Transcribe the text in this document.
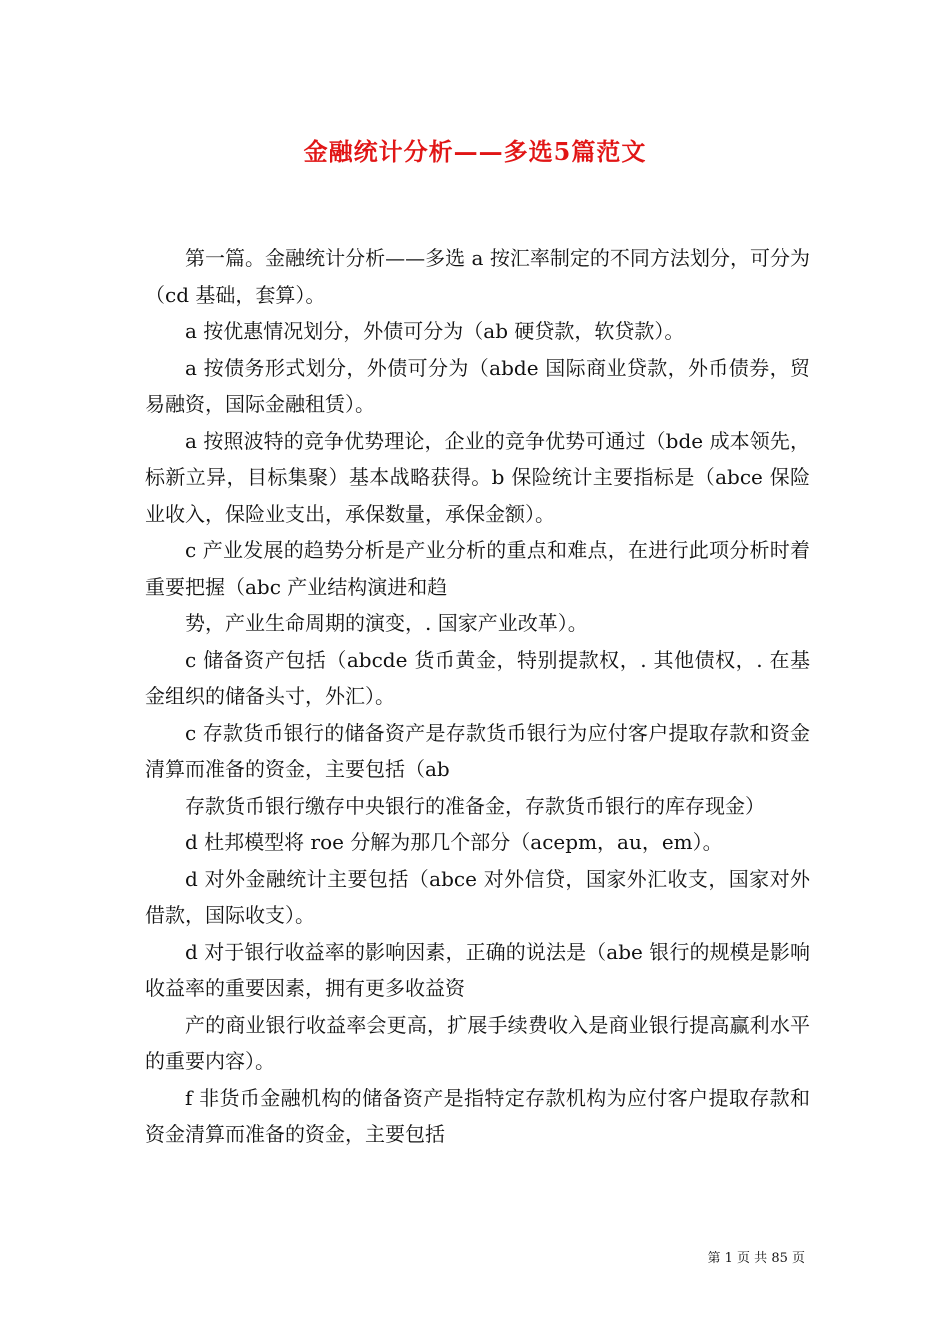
金融统计分析——多选5篇范文

第一篇。金融统计分析——多选 a 按汇率制定的不同方法划分，可分为（cd 基础，套算）。

a 按优惠情况划分，外债可分为（ab 硬贷款，软贷款）。

a 按债务形式划分，外债可分为（abde 国际商业贷款，外币债券，贸易融资，国际金融租赁）。

a 按照波特的竞争优势理论，企业的竞争优势可通过（bde 成本领先，标新立异，目标集聚）基本战略获得。b 保险统计主要指标是（abce 保险业收入，保险业支出，承保数量，承保金额）。

c 产业发展的趋势分析是产业分析的重点和难点，在进行此项分析时着重要把握（abc 产业结构演进和趋

势，产业生命周期的演变，. 国家产业改革）。

c 储备资产包括（abcde 货币黄金，特别提款权，. 其他债权，. 在基金组织的储备头寸，外汇）。

c 存款货币银行的储备资产是存款货币银行为应付客户提取存款和资金清算而准备的资金，主要包括（ab

存款货币银行缴存中央银行的准备金，存款货币银行的库存现金）

d 杜邦模型将 roe 分解为那几个部分（acepm，au，em）。

d 对外金融统计主要包括（abce 对外信贷，国家外汇收支，国家对外借款，国际收支）。

d 对于银行收益率的影响因素，正确的说法是（abe 银行的规模是影响收益率的重要因素，拥有更多收益资

产的商业银行收益率会更高，扩展手续费收入是商业银行提高赢利水平的重要内容）。

f 非货币金融机构的储备资产是指特定存款机构为应付客户提取存款和资金清算而准备的资金，主要包括

第 1 页 共 85 页
